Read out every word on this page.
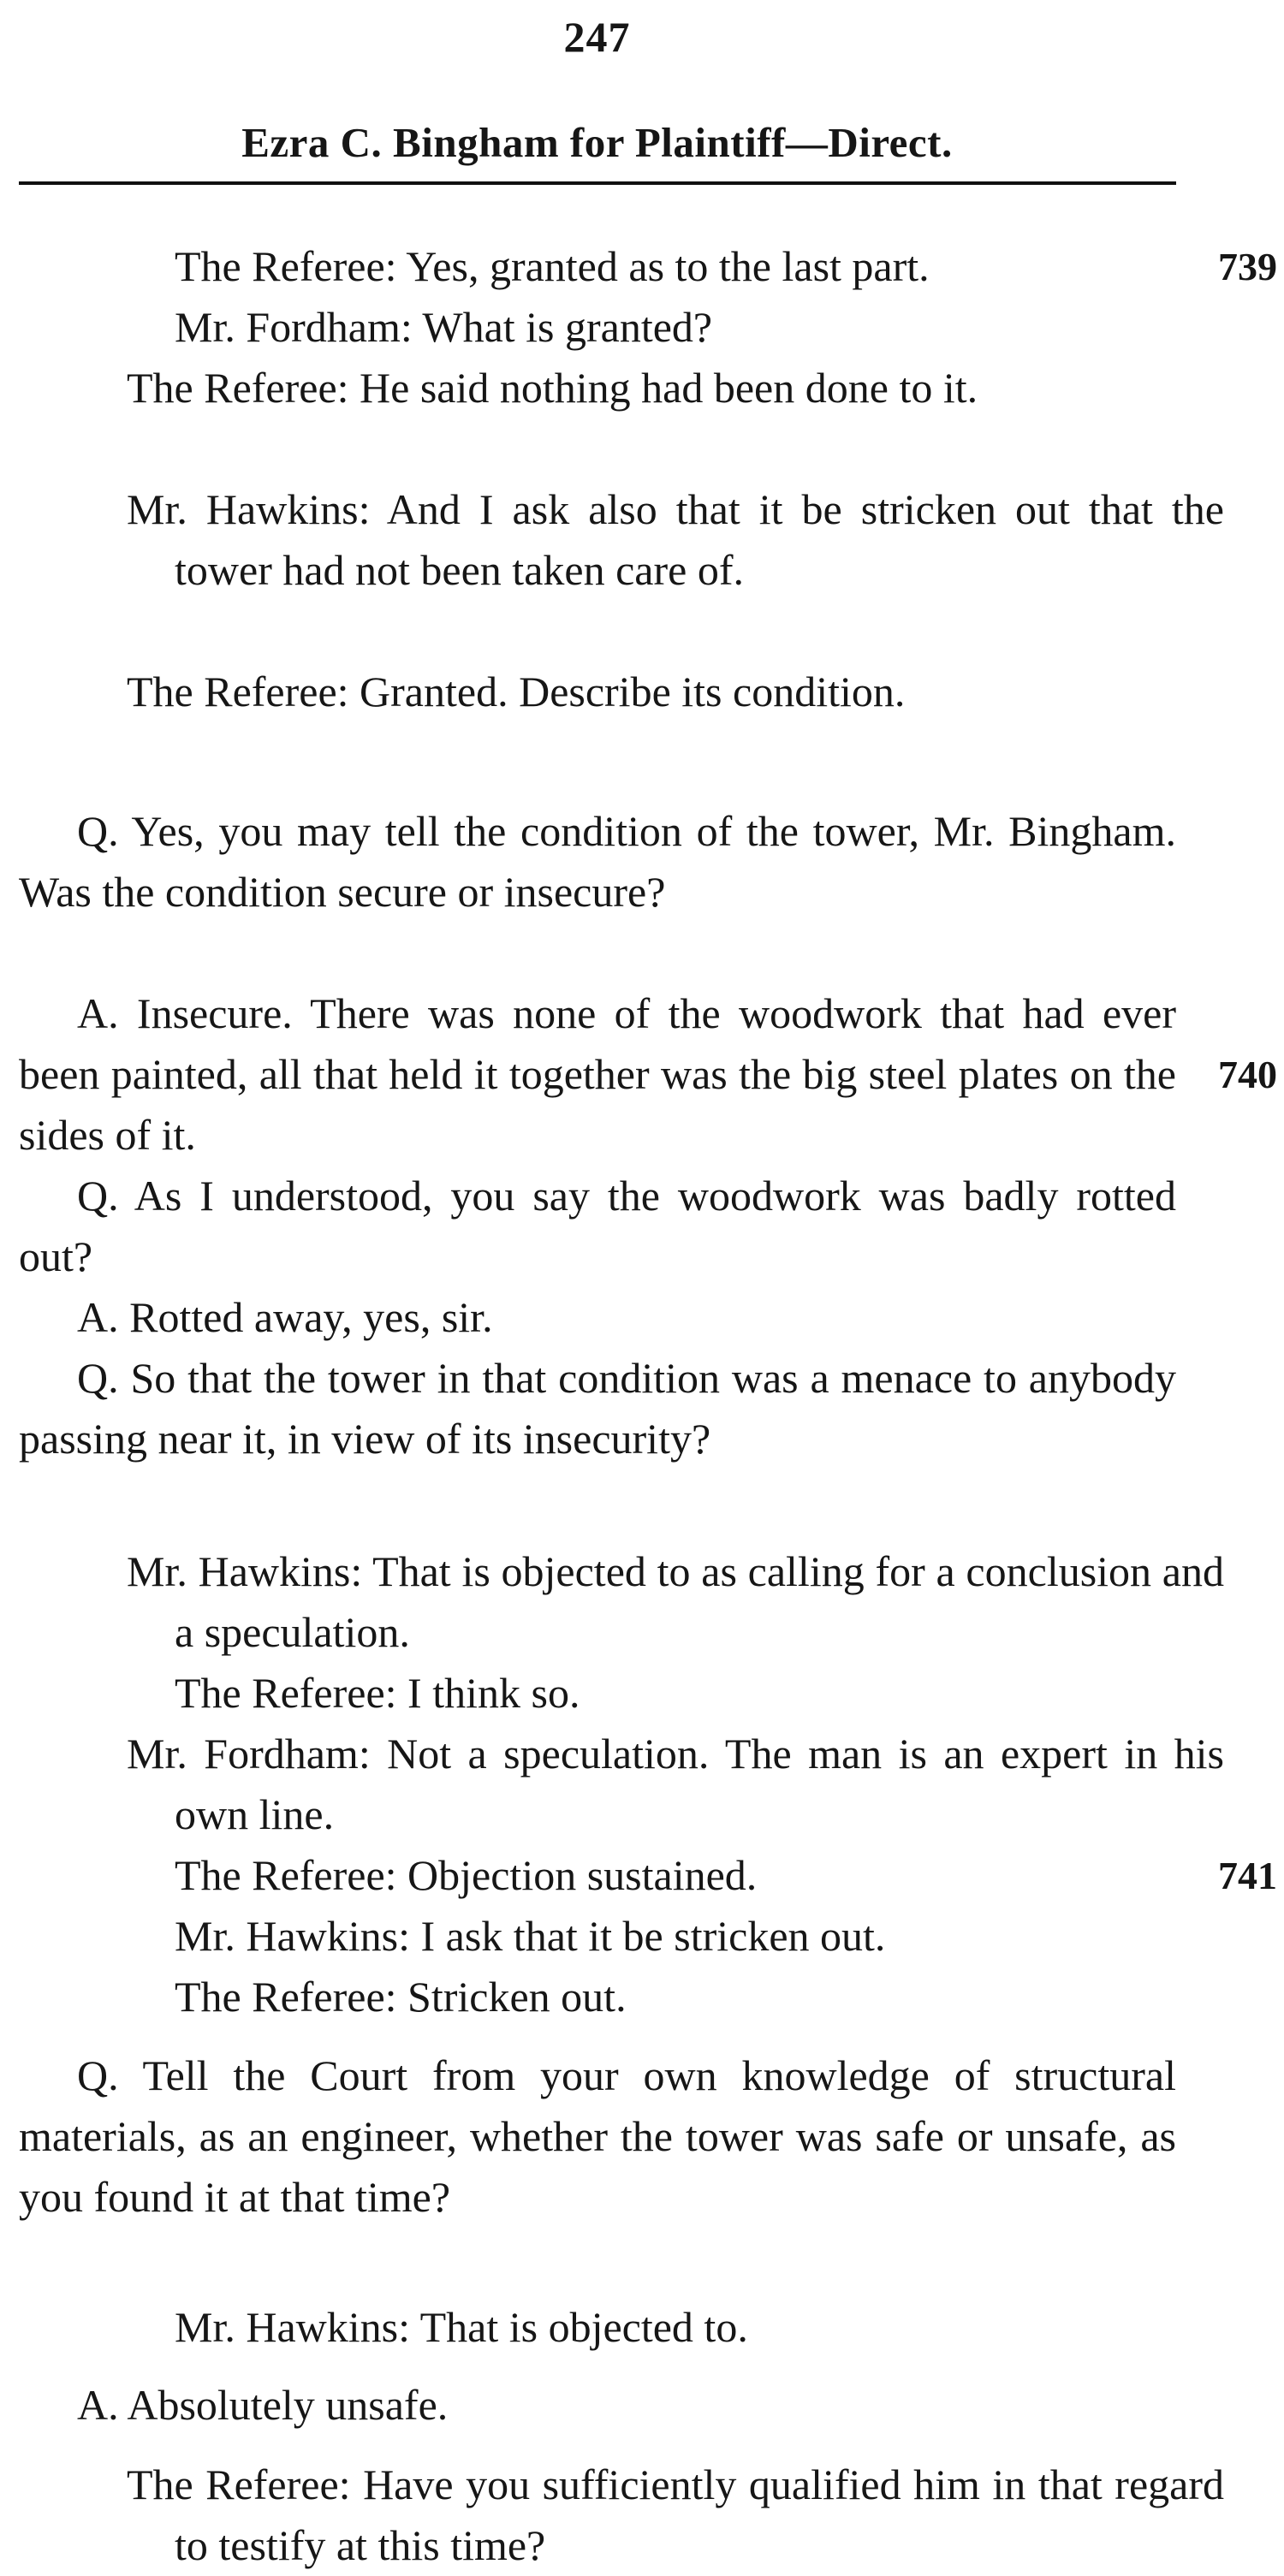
247
Ezra C. Bingham for Plaintiff—Direct.
The Referee: Yes, granted as to the last part.	739
Mr. Fordham: What is granted?
The Referee: He said nothing had been done to it.
Mr. Hawkins: And I ask also that it be stricken out that the tower had not been taken care of.
The Referee: Granted. Describe its condition.
Q. Yes, you may tell the condition of the tower, Mr. Bingham. Was the condition secure or insecure?
A. Insecure. There was none of the woodwork that had ever been painted, all that held it together was the big steel plates on the sides of it.
740
Q. As I understood, you say the woodwork was badly rotted out?
A. Rotted away, yes, sir.
Q. So that the tower in that condition was a menace to anybody passing near it, in view of its insecurity?
Mr. Hawkins: That is objected to as calling for a conclusion and a speculation.
The Referee: I think so.
Mr. Fordham: Not a speculation. The man is an expert in his own line.
The Referee: Objection sustained.	741
Mr. Hawkins: I ask that it be stricken out.
The Referee: Stricken out.
Q. Tell the Court from your own knowledge of structural materials, as an engineer, whether the tower was safe or unsafe, as you found it at that time?
Mr. Hawkins: That is objected to.
A. Absolutely unsafe.
The Referee: Have you sufficiently qualified him in that regard to testify at this time?
